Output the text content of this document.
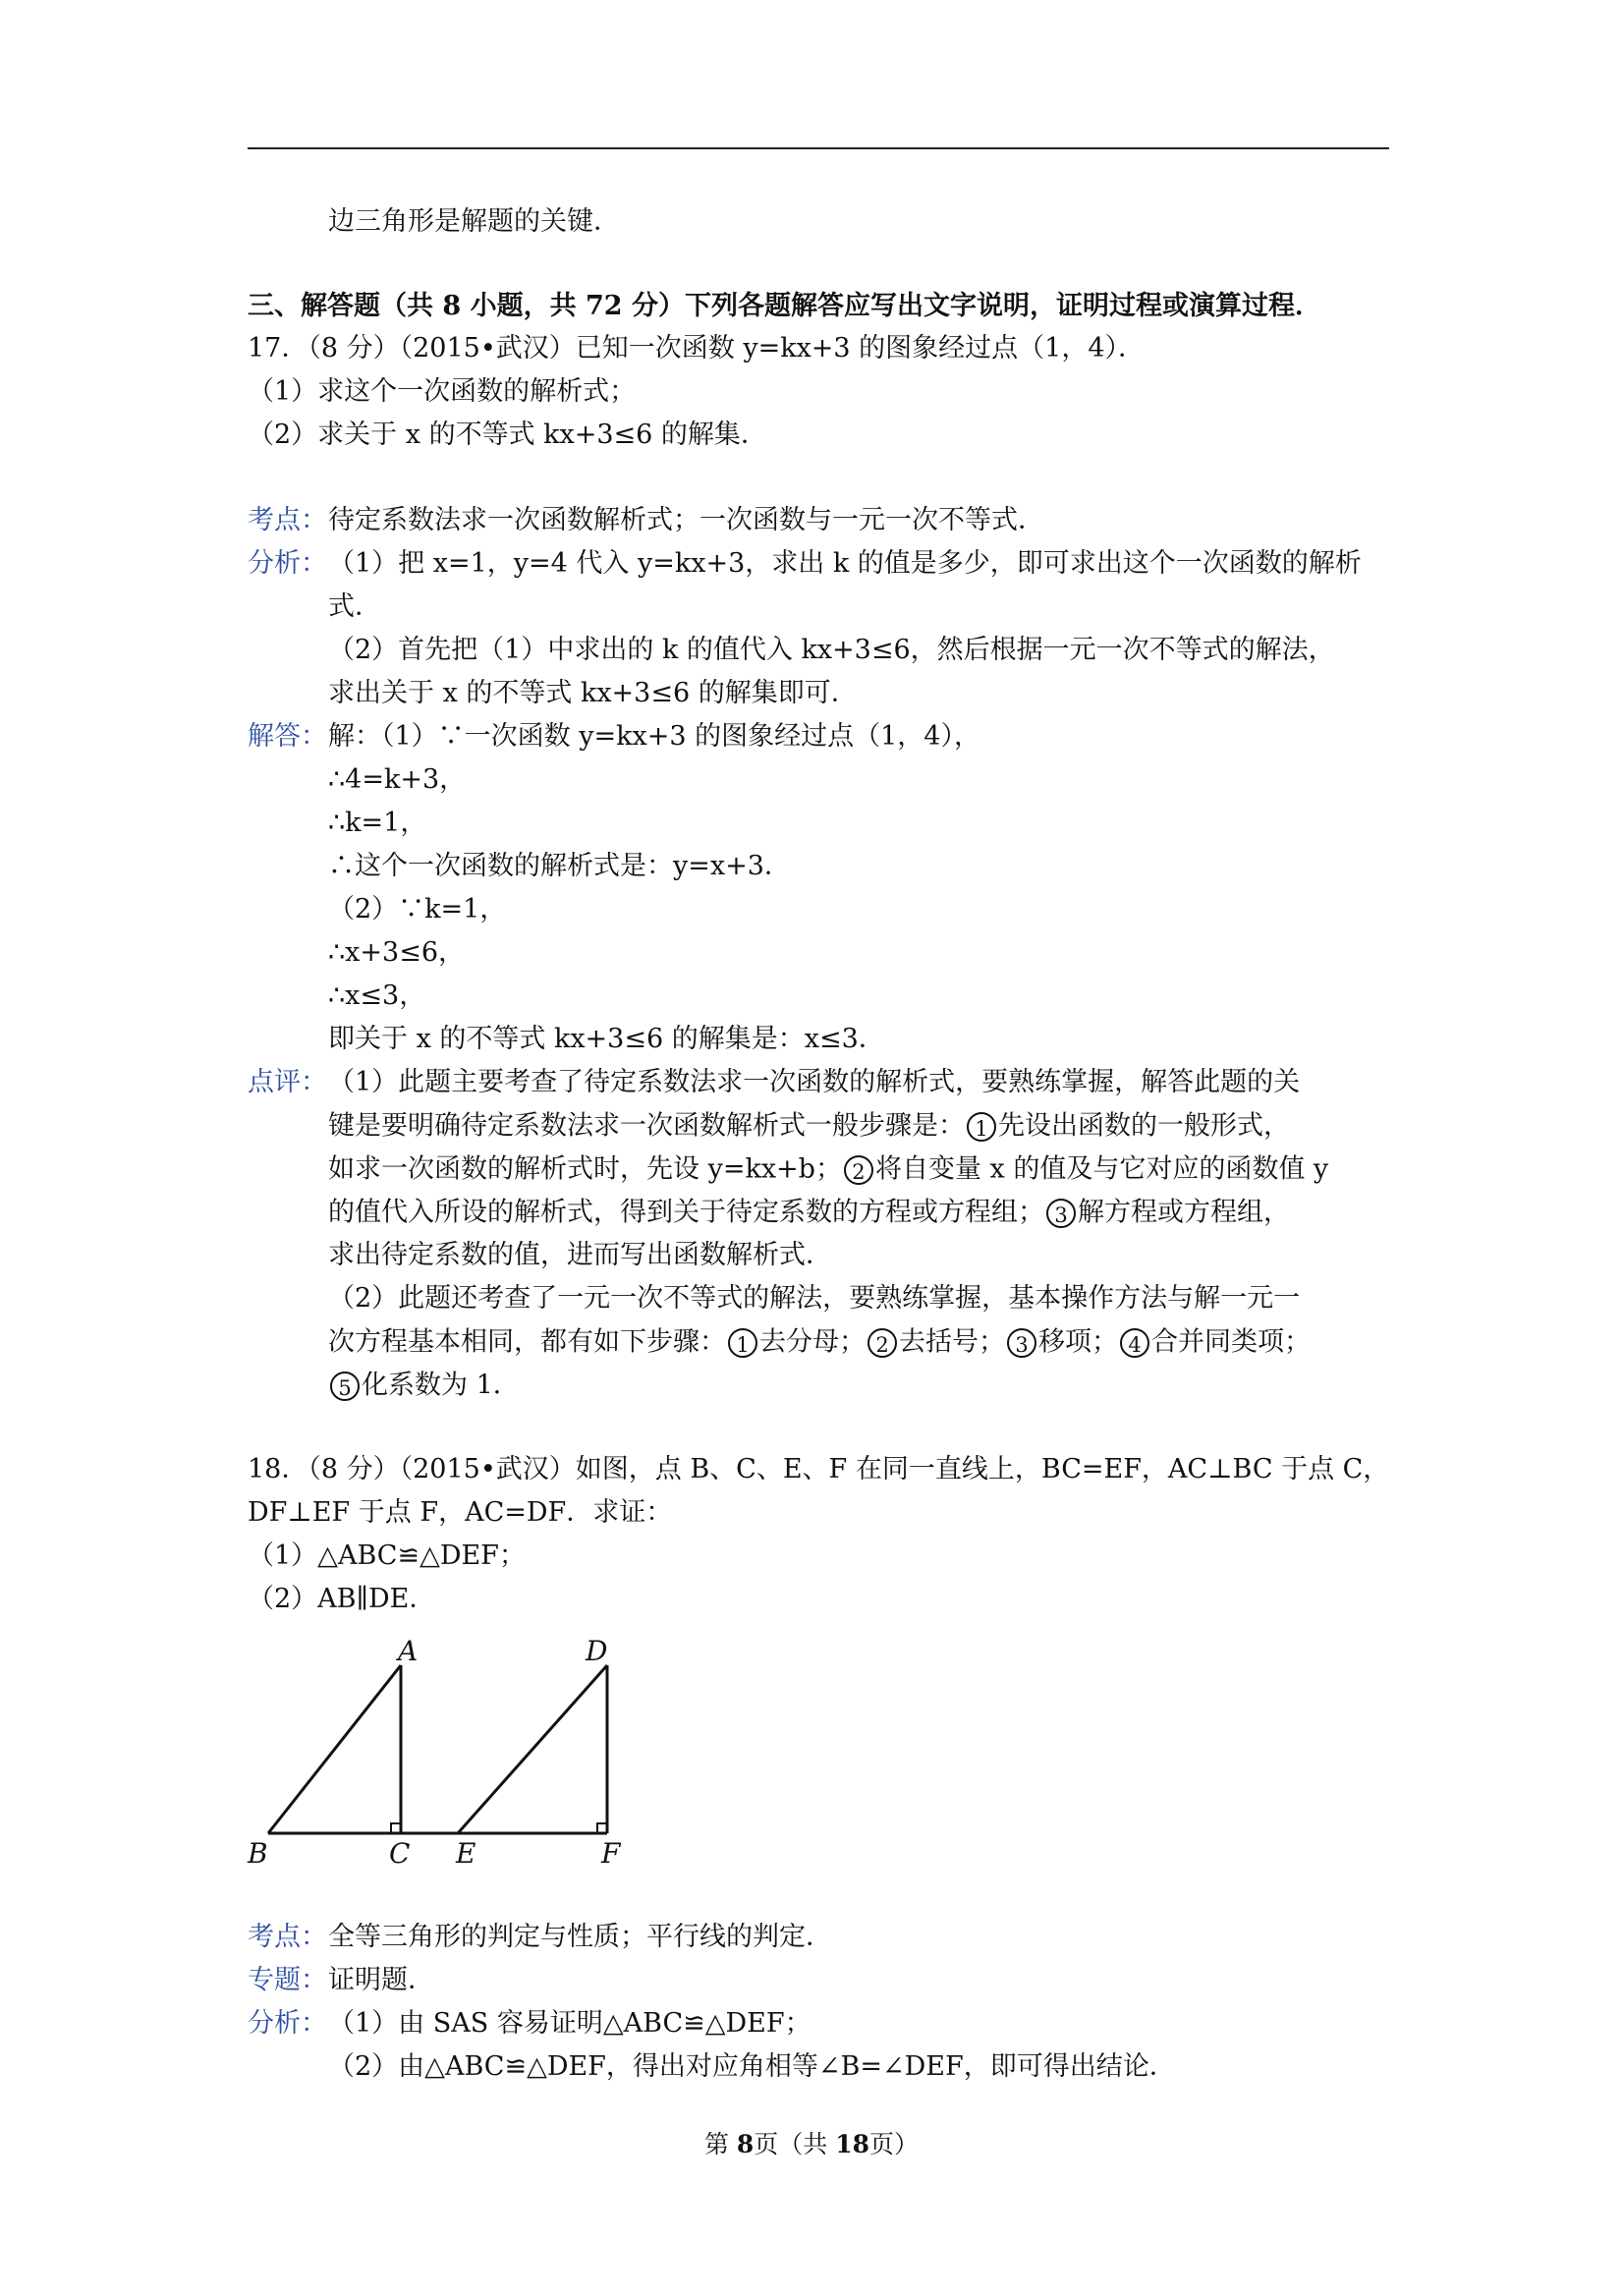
边三角形是解题的关键．
三、解答题（共 8 小题，共 72 分）下列各题解答应写出文字说明，证明过程或演算过程．
17．（8 分）（2015•武汉）已知一次函数 y=kx+3 的图象经过点（1，4）．
（1）求这个一次函数的解析式；
（2）求关于 x 的不等式 kx+3≤6 的解集．
考点： 待定系数法求一次函数解析式；一次函数与一元一次不等式．
分析： （1）把 x=1，y=4 代入 y=kx+3，求出 k 的值是多少，即可求出这个一次函数的解析
式．
（2）首先把（1）中求出的 k 的值代入 kx+3≤6，然后根据一元一次不等式的解法，
求出关于 x 的不等式 kx+3≤6 的解集即可．
解答： 解：（1）∵一次函数 y=kx+3 的图象经过点（1，4），
∴4=k+3，
∴k=1，
∴这个一次函数的解析式是：y=x+3．
（2）∵k=1，
∴x+3≤6，
∴x≤3，
即关于 x 的不等式 kx+3≤6 的解集是：x≤3．
点评： （1）此题主要考查了待定系数法求一次函数的解析式，要熟练掌握，解答此题的关
键是要明确待定系数法求一次函数解析式一般步骤是： 1 先设出函数的一般形式，
如求一次函数的解析式时，先设 y=kx+b； 2 将自变量 x 的值及与它对应的函数值 y
的值代入所设的解析式，得到关于待定系数的方程或方程组； 3 解方程或方程组，
求出待定系数的值，进而写出函数解析式．
（2）此题还考查了一元一次不等式的解法，要熟练掌握，基本操作方法与解一元一
次方程基本相同，都有如下步骤： 1 去分母； 2 去括号； 3 移项； 4 合并同类项；
5 化系数为 1．
18．（8 分）（2015•武汉）如图，点 B、C、E、F 在同一直线上，BC=EF，AC⊥BC 于点 C，
DF⊥EF 于点 F，AC=DF．求证：
（1）△ABC≌△DEF；
（2）AB∥DE．
A
B	C
D
E	F
考点： 全等三角形的判定与性质；平行线的判定．
专题： 证明题．
分析： （1）由 SAS 容易证明△ABC≌△DEF；
（2）由△ABC≌△DEF，得出对应角相等∠B=∠DEF，即可得出结论．
第 8页（共 18页）
